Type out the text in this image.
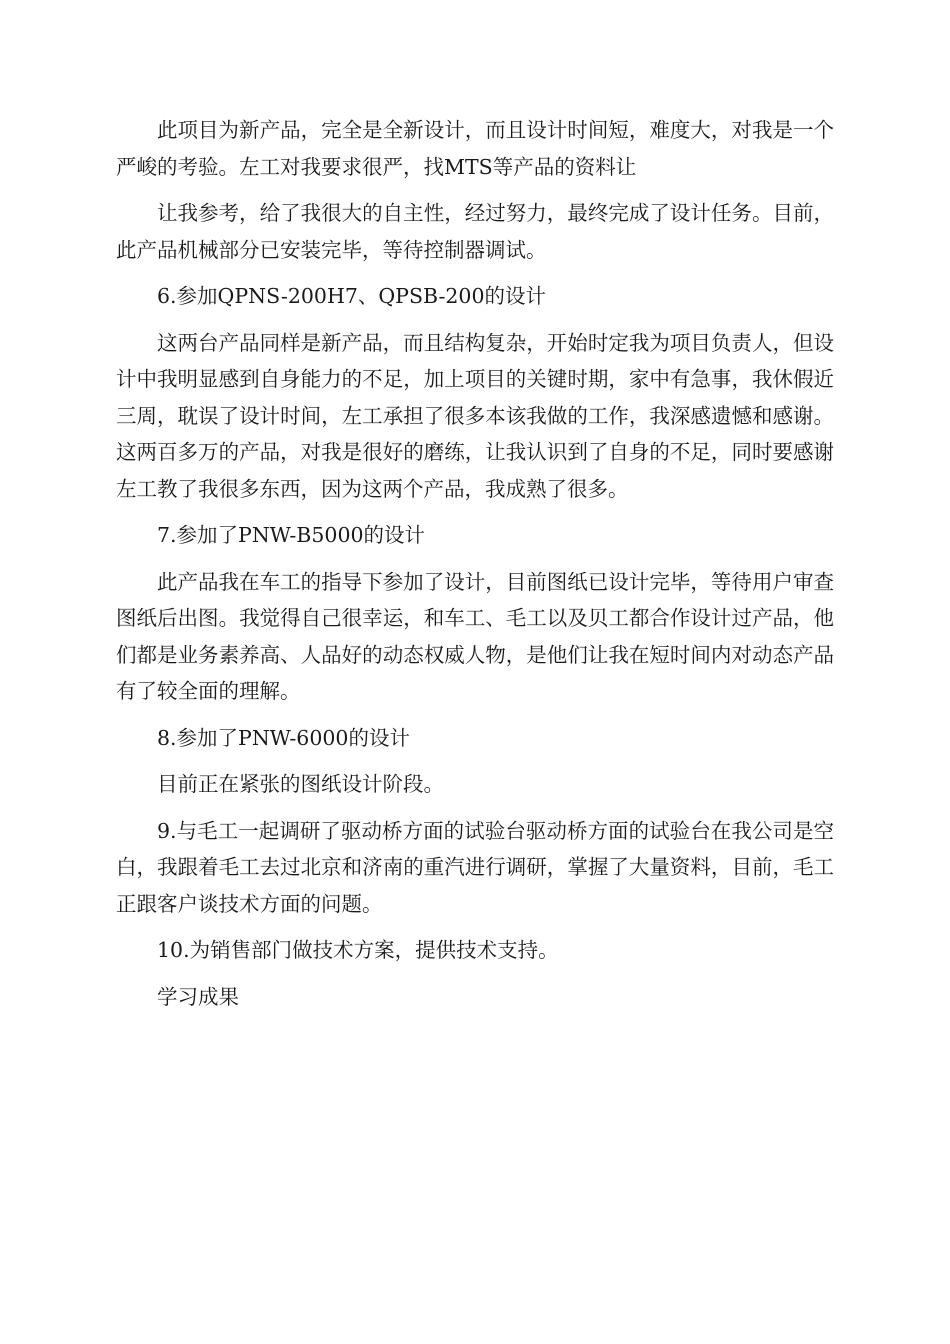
此项目为新产品，完全是全新设计，而且设计时间短，难度大，对我是一个严峻的考验。左工对我要求很严，找MTS等产品的资料让

让我参考，给了我很大的自主性，经过努力，最终完成了设计任务。目前，此产品机械部分已安装完毕，等待控制器调试。

6.参加QPNS-200H7、QPSB-200的设计

这两台产品同样是新产品，而且结构复杂，开始时定我为项目负责人，但设计中我明显感到自身能力的不足，加上项目的关键时期，家中有急事，我休假近三周，耽误了设计时间，左工承担了很多本该我做的工作，我深感遗憾和感谢。这两百多万的产品，对我是很好的磨练，让我认识到了自身的不足，同时要感谢左工教了我很多东西，因为这两个产品，我成熟了很多。

7.参加了PNW-B5000的设计

此产品我在车工的指导下参加了设计，目前图纸已设计完毕，等待用户审查图纸后出图。我觉得自己很幸运，和车工、毛工以及贝工都合作设计过产品，他们都是业务素养高、人品好的动态权威人物，是他们让我在短时间内对动态产品有了较全面的理解。

8.参加了PNW-6000的设计

目前正在紧张的图纸设计阶段。

9.与毛工一起调研了驱动桥方面的试验台驱动桥方面的试验台在我公司是空白，我跟着毛工去过北京和济南的重汽进行调研，掌握了大量资料，目前，毛工正跟客户谈技术方面的问题。

10.为销售部门做技术方案，提供技术支持。

学习成果
